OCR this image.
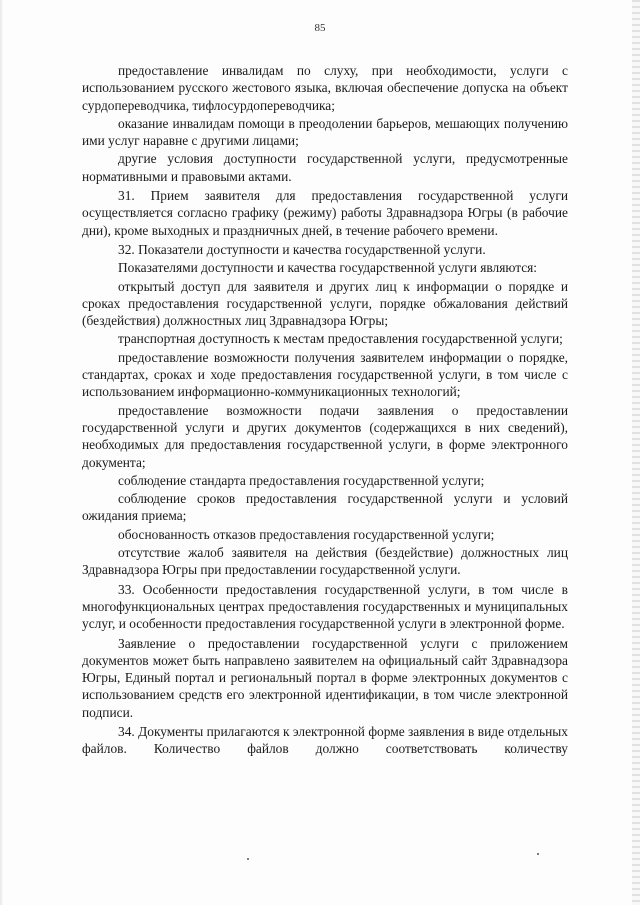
85

предоставление инвалидам по слуху, при необходимости, услуги с использованием русского жестового языка, включая обеспечение допуска на объект сурдопереводчика, тифлосурдопереводчика;

оказание инвалидам помощи в преодолении барьеров, мешающих получению ими услуг наравне с другими лицами;

другие условия доступности государственной услуги, предусмотренные нормативными и правовыми актами.

31. Прием заявителя для предоставления государственной услуги осуществляется согласно графику (режиму) работы Здравнадзора Югры (в рабочие дни), кроме выходных и праздничных дней, в течение рабочего времени.

32. Показатели доступности и качества государственной услуги.

Показателями доступности и качества государственной услуги являются:

открытый доступ для заявителя и других лиц к информации о порядке и сроках предоставления государственной услуги, порядке обжалования действий (бездействия) должностных лиц Здравнадзора Югры;

транспортная доступность к местам предоставления государственной услуги;

предоставление возможности получения заявителем информации о порядке, стандартах, сроках и ходе предоставления государственной услуги, в том числе с использованием информационно-коммуникационных технологий;

предоставление возможности подачи заявления о предоставлении государственной услуги и других документов (содержащихся в них сведений), необходимых для предоставления государственной услуги, в форме электронного документа;

соблюдение стандарта предоставления государственной услуги;

соблюдение сроков предоставления государственной услуги и условий ожидания приема;

обоснованность отказов предоставления государственной услуги;

отсутствие жалоб заявителя на действия (бездействие) должностных лиц Здравнадзора Югры при предоставлении государственной услуги.

33. Особенности предоставления государственной услуги, в том числе в многофункциональных центрах предоставления государственных и муниципальных услуг, и особенности предоставления государственной услуги в электронной форме.

Заявление о предоставлении государственной услуги с приложением документов может быть направлено заявителем на официальный сайт Здравнадзора Югры, Единый портал и региональный портал в форме электронных документов с использованием средств его электронной идентификации, в том числе электронной подписи.

34. Документы прилагаются к электронной форме заявления в виде отдельных файлов. Количество файлов должно соответствовать количеству
